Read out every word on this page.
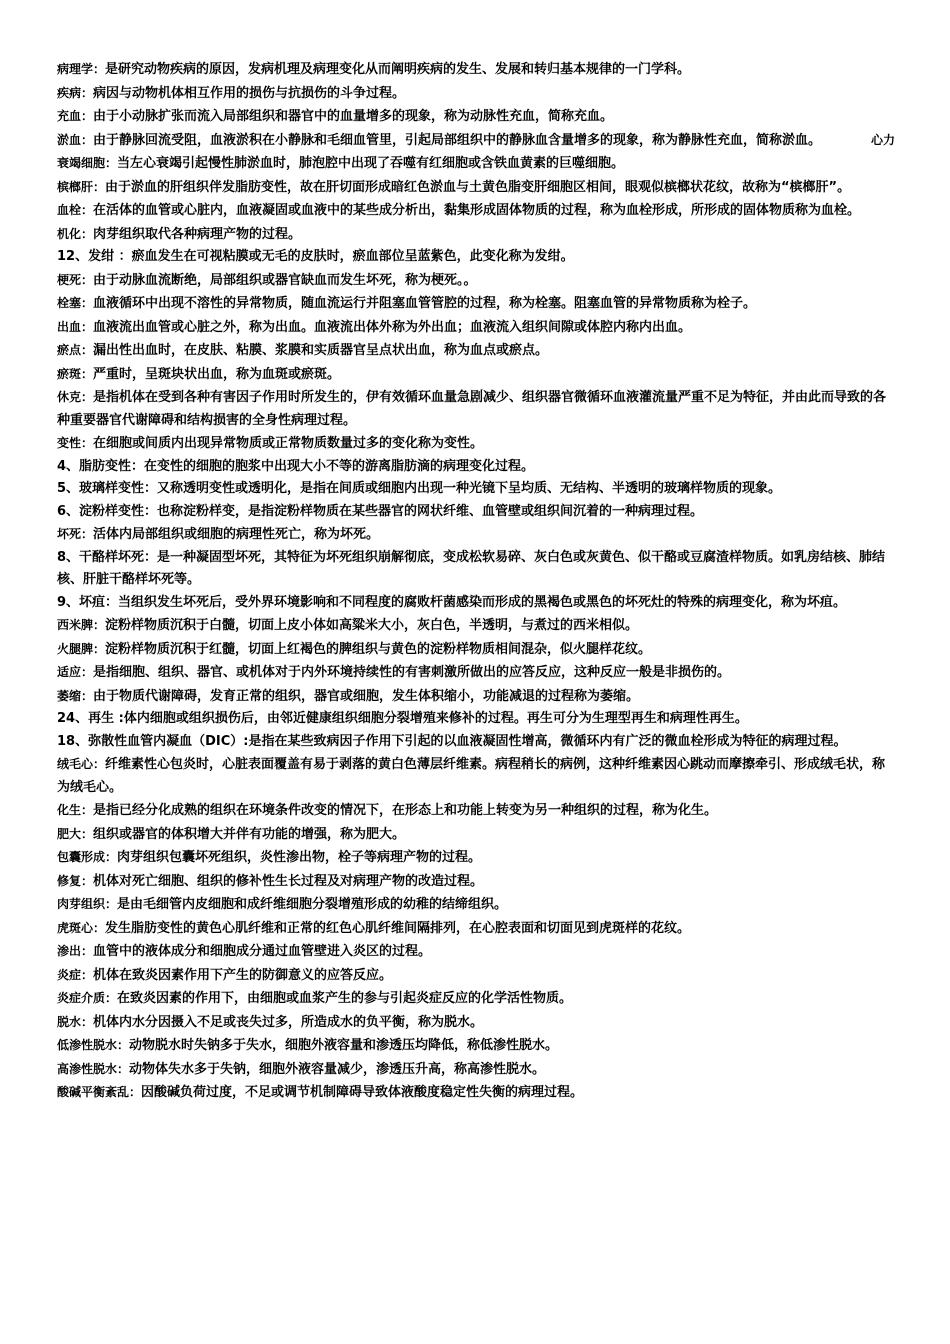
病理学：是研究动物疾病的原因，发病机理及病理变化从而阐明疾病的发生、发展和转归基本规律的一门学科。

疾病：病因与动物机体相互作用的损伤与抗损伤的斗争过程。

充血：由于小动脉扩张而流入局部组织和器官中的血量增多的现象，称为动脉性充血，简称充血。

心力
淤血：由于静脉回流受阻，血液淤积在小静脉和毛细血管里，引起局部组织中的静脉血含量增多的现象，称为静脉性充血，简称淤血。

衰竭细胞：当左心衰竭引起慢性肺淤血时，肺泡腔中出现了吞噬有红细胞或含铁血黄素的巨噬细胞。

槟榔肝：由于淤血的肝组织伴发脂肪变性，故在肝切面形成暗红色淤血与土黄色脂变肝细胞区相间，眼观似槟榔状花纹，故称为“槟榔肝”。

血栓：在活体的血管或心脏内，血液凝固或血液中的某些成分析出，黏集形成固体物质的过程，称为血栓形成，所形成的固体物质称为血栓。

机化：肉芽组织取代各种病理产物的过程。

12、发绀 ：瘀血发生在可视粘膜或无毛的皮肤时，瘀血部位呈蓝紫色，此变化称为发绀。

梗死：由于动脉血流断绝，局部组织或器官缺血而发生坏死，称为梗死。。

栓塞：血液循环中出现不溶性的异常物质，随血流运行并阻塞血管管腔的过程，称为栓塞。阻塞血管的异常物质称为栓子。

出血：血液流出血管或心脏之外，称为出血。血液流出体外称为外出血；血液流入组织间隙或体腔内称内出血。

瘀点：漏出性出血时，在皮肤、粘膜、浆膜和实质器官呈点状出血，称为血点或瘀点。

瘀斑：严重时，呈斑块状出血，称为血斑或瘀斑。

休克：是指机体在受到各种有害因子作用时所发生的，伊有效循环血量急剧减少、组织器官微循环血液灌流量严重不足为特征，并由此而导致的各种重要器官代谢障碍和结构损害的全身性病理过程。

变性：在细胞或间质内出现异常物质或正常物质数量过多的变化称为变性。

4、脂肪变性：在变性的细胞的胞浆中出现大小不等的游离脂肪滴的病理变化过程。

5、玻璃样变性：又称透明变性或透明化，是指在间质或细胞内出现一种光镜下呈均质、无结构、半透明的玻璃样物质的现象。

6、淀粉样变性：也称淀粉样变，是指淀粉样物质在某些器官的网状纤维、血管壁或组织间沉着的一种病理过程。

坏死：活体内局部组织或细胞的病理性死亡，称为坏死。

8、干酪样坏死：是一种凝固型坏死，其特征为坏死组织崩解彻底，变成松软易碎、灰白色或灰黄色、似干酪或豆腐渣样物质。如乳房结核、肺结核、肝脏干酪样坏死等。

9、坏疽：当组织发生坏死后，受外界环境影响和不同程度的腐败杆菌感染而形成的黑褐色或黑色的坏死灶的特殊的病理变化，称为坏疽。

西米脾：淀粉样物质沉积于白髓，切面上皮小体如高粱米大小，灰白色，半透明，与煮过的西米相似。

火腿脾：淀粉样物质沉积于红髓，切面上红褐色的脾组织与黄色的淀粉样物质相间混杂，似火腿样花纹。

适应：是指细胞、组织、器官、或机体对于内外环境持续性的有害刺激所做出的应答反应，这种反应一般是非损伤的。

萎缩：由于物质代谢障碍，发育正常的组织，器官或细胞，发生体积缩小，功能减退的过程称为萎缩。

24、再生 :体内细胞或组织损伤后，由邻近健康组织细胞分裂增殖来修补的过程。再生可分为生理型再生和病理性再生。

18、弥散性血管内凝血（DIC）:是指在某些致病因子作用下引起的以血液凝固性增高，微循环内有广泛的微血栓形成为特征的病理过程。

绒毛心：纤维素性心包炎时，心脏表面覆盖有易于剥落的黄白色薄层纤维素。病程稍长的病例，这种纤维素因心跳动而摩擦牵引、形成绒毛状，称为绒毛心。

化生：是指已经分化成熟的组织在环境条件改变的情况下，在形态上和功能上转变为另一种组织的过程，称为化生。

肥大：组织或器官的体积增大并伴有功能的增强，称为肥大。

包囊形成：肉芽组织包囊坏死组织，炎性渗出物，栓子等病理产物的过程。

修复：机体对死亡细胞、组织的修补性生长过程及对病理产物的改造过程。

肉芽组织：是由毛细管内皮细胞和成纤维细胞分裂增殖形成的幼稚的结缔组织。

虎斑心：发生脂肪变性的黄色心肌纤维和正常的红色心肌纤维间隔排列，在心腔表面和切面见到虎斑样的花纹。

渗出：血管中的液体成分和细胞成分通过血管壁进入炎区的过程。

炎症：机体在致炎因素作用下产生的防御意义的应答反应。

炎症介质：在致炎因素的作用下，由细胞或血浆产生的参与引起炎症反应的化学活性物质。

脱水：机体内水分因摄入不足或丧失过多，所造成水的负平衡，称为脱水。

低渗性脱水：动物脱水时失钠多于失水，细胞外液容量和渗透压均降低，称低渗性脱水。

高渗性脱水：动物体失水多于失钠，细胞外液容量减少，渗透压升高，称高渗性脱水。

酸碱平衡紊乱：因酸碱负荷过度，不足或调节机制障碍导致体液酸度稳定性失衡的病理过程。
